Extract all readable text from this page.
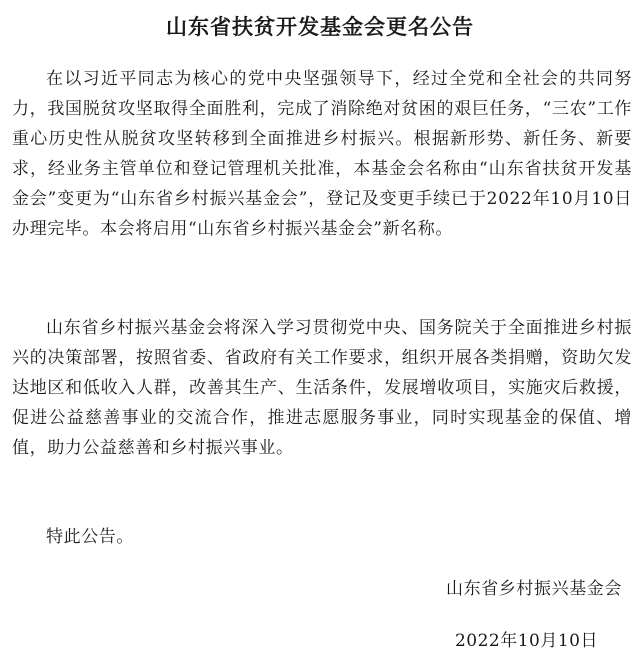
山东省扶贫开发基金会更名公告

在以习近平同志为核心的党中央坚强领导下，经过全党和全社会的共同努力，我国脱贫攻坚取得全面胜利，完成了消除绝对贫困的艰巨任务，“三农”工作重心历史性从脱贫攻坚转移到全面推进乡村振兴。根据新形势、新任务、新要求，经业务主管单位和登记管理机关批准，本基金会名称由“山东省扶贫开发基金会”变更为“山东省乡村振兴基金会”，登记及变更手续已于2022年10月10日办理完毕。本会将启用“山东省乡村振兴基金会”新名称。

山东省乡村振兴基金会将深入学习贯彻党中央、国务院关于全面推进乡村振兴的决策部署，按照省委、省政府有关工作要求，组织开展各类捐赠，资助欠发达地区和低收入人群，改善其生产、生活条件，发展增收项目，实施灾后救援，促进公益慈善事业的交流合作，推进志愿服务事业，同时实现基金的保值、增值，助力公益慈善和乡村振兴事业。

特此公告。

山东省乡村振兴基金会

2022年10月10日
